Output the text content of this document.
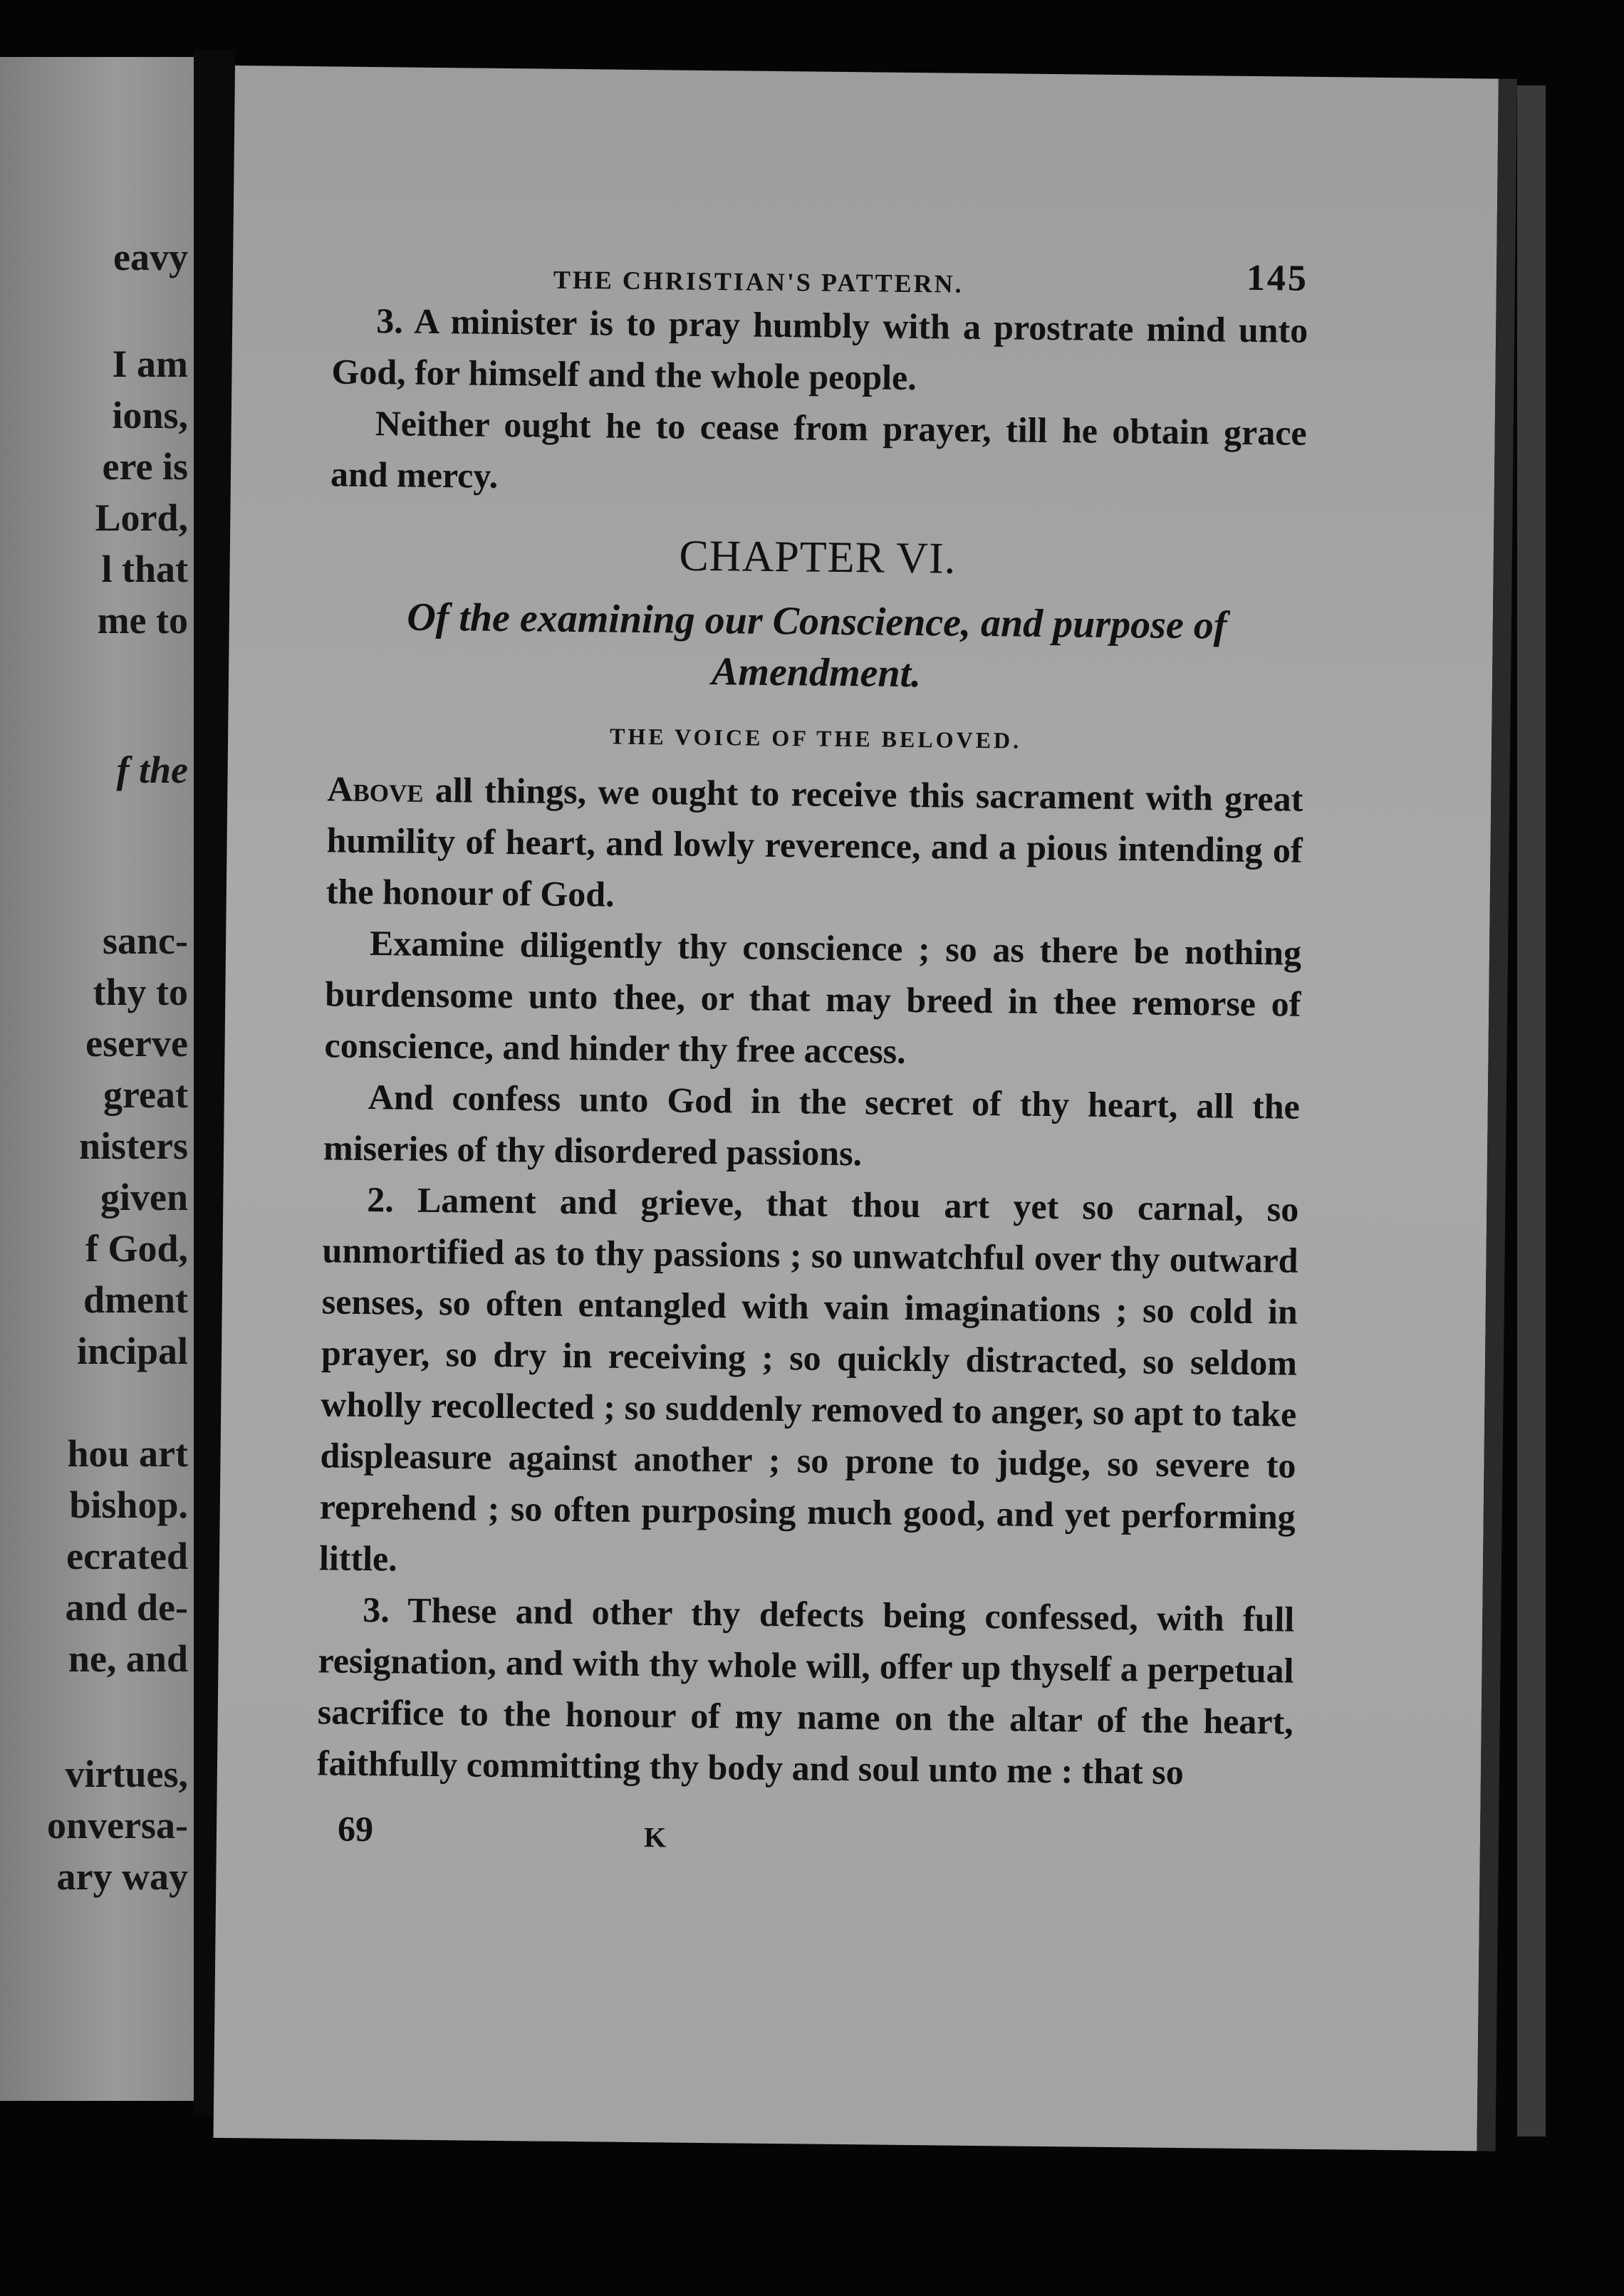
eavy
I am
ions,
ere is
Lord,
l that
me to
f the
sanc-
thy to
eserve
great
nisters
given
f God,
dment
incipal
hou art
bishop.
ecrated
and de-
ne, and
virtues,
onversa-
ary way
THE CHRISTIAN'S PATTERN.	145

3. A minister is to pray humbly with a prostrate mind unto God, for himself and the whole people.

Neither ought he to cease from prayer, till he obtain grace and mercy.

CHAPTER VI.
Of the examining our Conscience, and purpose of Amendment.
THE VOICE OF THE BELOVED.

Above all things, we ought to receive this sacrament with great humility of heart, and lowly reverence, and a pious intending of the honour of God.

Examine diligently thy conscience ; so as there be nothing burdensome unto thee, or that may breed in thee remorse of conscience, and hinder thy free access.

And confess unto God in the secret of thy heart, all the miseries of thy disordered passions.

2. Lament and grieve, that thou art yet so carnal, so unmortified as to thy passions ; so unwatchful over thy outward senses, so often entangled with vain imaginations ; so cold in prayer, so dry in receiving ; so quickly distracted, so seldom wholly recollected ; so suddenly removed to anger, so apt to take displeasure against another ; so prone to judge, so severe to reprehend ; so often purposing much good, and yet performing little.

3. These and other thy defects being confessed, with full resignation, and with thy whole will, offer up thyself a perpetual sacrifice to the honour of my name on the altar of the heart, faithfully committing thy body and soul unto me : that so

69	K
